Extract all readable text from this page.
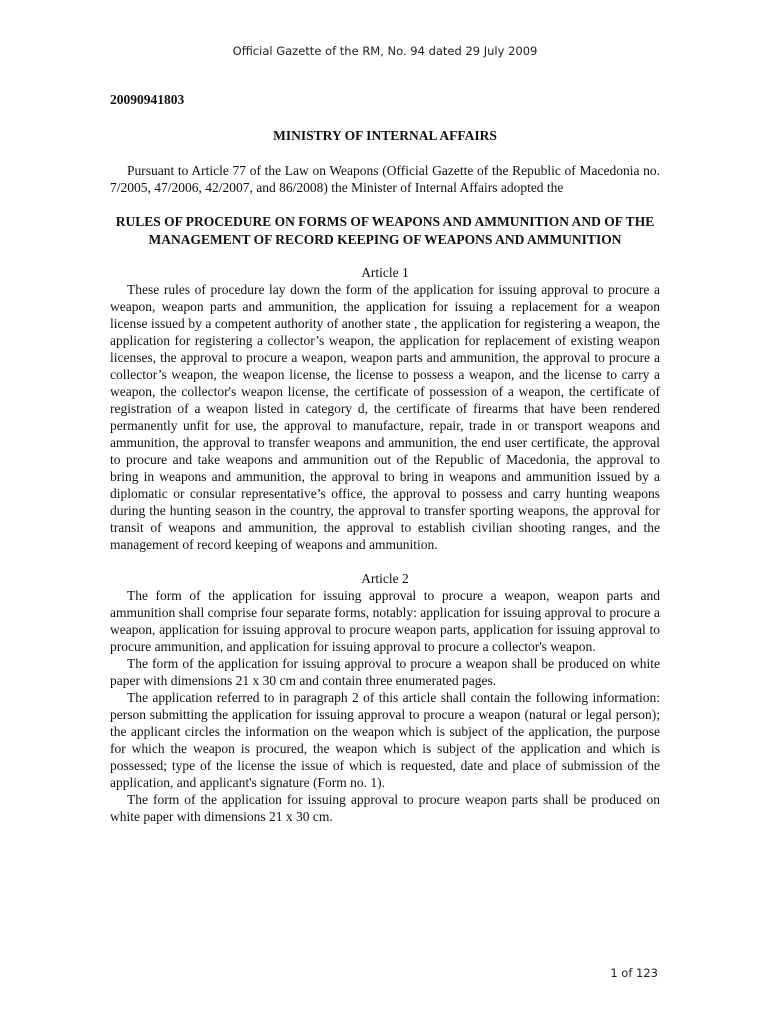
Official Gazette of the RM, No. 94 dated 29 July 2009

20090941803

MINISTRY OF INTERNAL AFFAIRS

Pursuant to Article 77 of the Law on Weapons (Official Gazette of the Republic of Macedonia no. 7/2005, 47/2006, 42/2007, and 86/2008) the Minister of Internal Affairs adopted the

RULES OF PROCEDURE ON FORMS OF WEAPONS AND AMMUNITION AND OF THE MANAGEMENT OF RECORD KEEPING OF WEAPONS AND AMMUNITION

Article 1

These rules of procedure lay down the form of the application for issuing approval to procure a weapon, weapon parts and ammunition, the application for issuing a replacement for a weapon license issued by a competent authority of another state , the application for registering a weapon, the application for registering a collector’s weapon, the application for replacement of existing weapon licenses, the approval to procure a weapon, weapon parts and ammunition, the approval to procure a collector’s weapon, the weapon license, the license to possess a weapon, and the license to carry a weapon, the collector's weapon license, the certificate of possession of a weapon, the certificate of registration of a weapon listed in category d, the certificate of firearms that have been rendered permanently unfit for use, the approval to manufacture, repair, trade in or transport weapons and ammunition, the approval to transfer weapons and ammunition, the end user certificate, the approval to procure and take weapons and ammunition out of the Republic of Macedonia, the approval to bring in weapons and ammunition, the approval to bring in weapons and ammunition issued by a diplomatic or consular representative’s office, the approval to possess and carry hunting weapons during the hunting season in the country, the approval to transfer sporting weapons, the approval for transit of weapons and ammunition, the approval to establish civilian shooting ranges, and the management of record keeping of weapons and ammunition.

Article 2

The form of the application for issuing approval to procure a weapon, weapon parts and ammunition shall comprise four separate forms, notably: application for issuing approval to procure a weapon, application for issuing approval to procure weapon parts, application for issuing approval to procure ammunition, and application for issuing approval to procure a collector's weapon.

The form of the application for issuing approval to procure a weapon shall be produced on white paper with dimensions 21 x 30 cm and contain three enumerated pages.

The application referred to in paragraph 2 of this article shall contain the following information: person submitting the application for issuing approval to procure a weapon (natural or legal person); the applicant circles the information on the weapon which is subject of the application, the purpose for which the weapon is procured, the weapon which is subject of the application and which is possessed; type of the license the issue of which is requested, date and place of submission of the application, and applicant's signature (Form no. 1).

The form of the application for issuing approval to procure weapon parts shall be produced on white paper with dimensions 21 x 30 cm.

1 of 123
